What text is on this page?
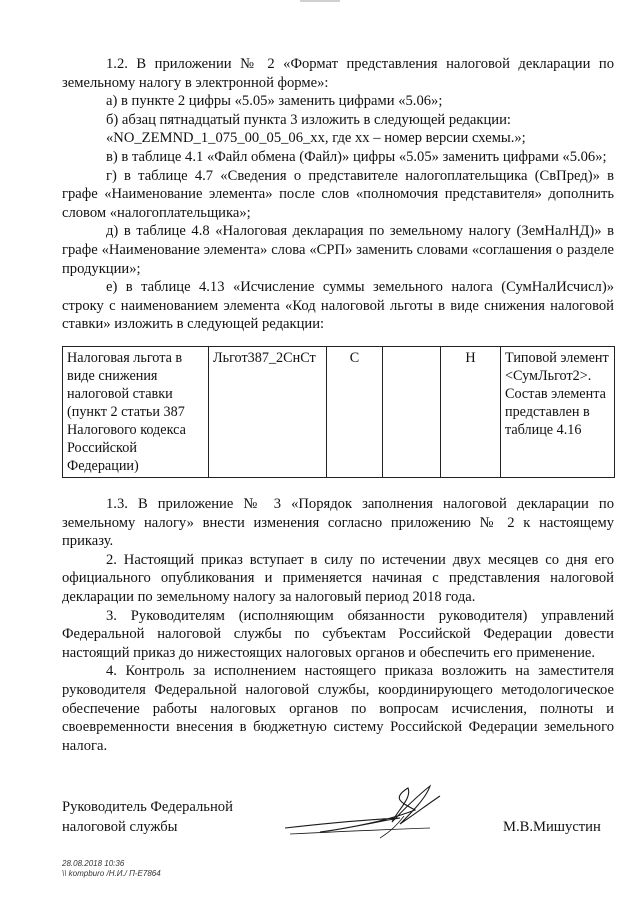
1.2. В приложении № 2 «Формат представления налоговой декларации по земельному налогу в электронной форме»:

а) в пункте 2 цифры «5.05» заменить цифрами «5.06»;

б) абзац пятнадцатый пункта 3 изложить в следующей редакции:

«NO_ZEMND_1_075_00_05_06_xx, где xx – номер версии схемы.»;

в) в таблице 4.1 «Файл обмена (Файл)» цифры «5.05» заменить цифрами «5.06»;

г) в таблице 4.7 «Сведения о представителе налогоплательщика (СвПред)» в графе «Наименование элемента» после слов «полномочия представителя» дополнить словом «налогоплательщика»;

д) в таблице 4.8 «Налоговая декларация по земельному налогу (ЗемНалНД)» в графе «Наименование элемента» слова «СРП» заменить словами «соглашения о разделе продукции»;

е) в таблице 4.13 «Исчисление суммы земельного налога (СумНалИсчисл)» строку с наименованием элемента «Код налоговой льготы в виде снижения налоговой ставки» изложить в следующей редакции:

Налоговая льгота в виде снижения налоговой ставки (пункт 2 статьи 387 Налогового кодекса Российской Федерации)	Льгот387_2СнСт	С		Н	Типовой элемент <СумЛьгот2>. Состав элемента представлен в таблице 4.16

1.3. В приложение № 3 «Порядок заполнения налоговой декларации по земельному налогу» внести изменения согласно приложению № 2 к настоящему приказу.

2. Настоящий приказ вступает в силу по истечении двух месяцев со дня его официального опубликования и применяется начиная с представления налоговой декларации по земельному налогу за налоговый период 2018 года.

3. Руководителям (исполняющим обязанности руководителя) управлений Федеральной налоговой службы по субъектам Российской Федерации довести настоящий приказ до нижестоящих налоговых органов и обеспечить его применение.

4. Контроль за исполнением настоящего приказа возложить на заместителя руководителя Федеральной налоговой службы, координирующего методологическое обеспечение работы налоговых органов по вопросам исчисления, полноты и своевременности внесения в бюджетную систему Российской Федерации земельного налога.

Руководитель Федеральной
налоговой службы	М.В.Мишустин
28.08.2018 10:36
\\ kompburo /Н.И./ П-Е7864
